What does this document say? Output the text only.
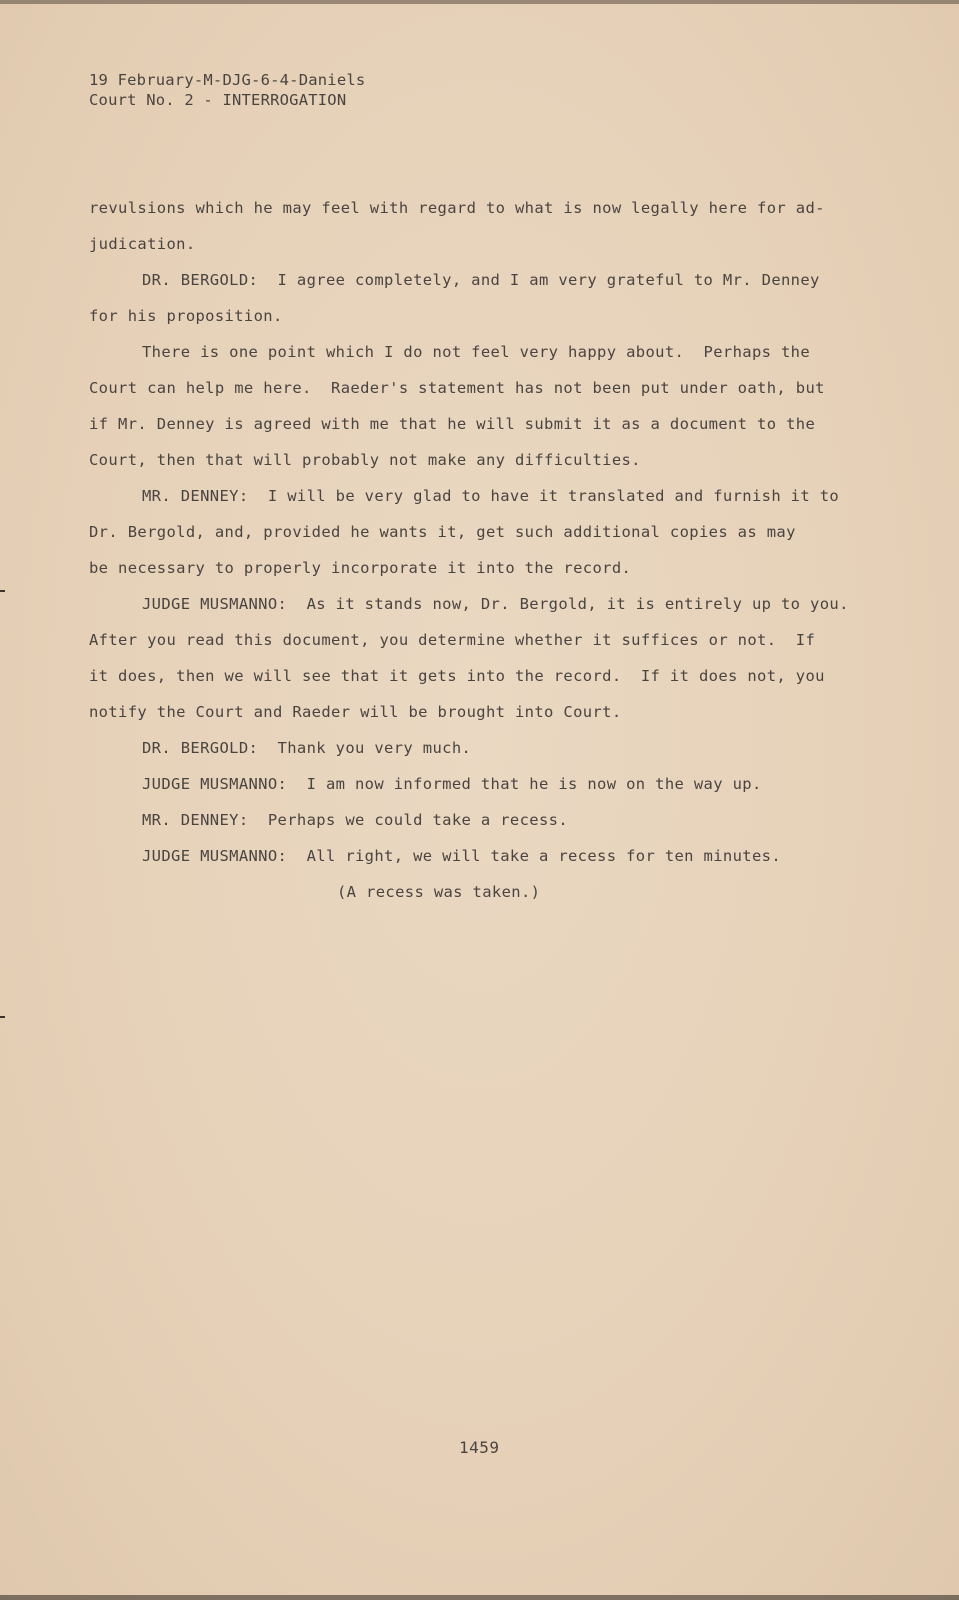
19 February-M-DJG-6-4-Daniels
Court No. 2 - INTERROGATION
revulsions which he may feel with regard to what is now legally here for ad-
judication.
DR. BERGOLD:  I agree completely, and I am very grateful to Mr. Denney
for his proposition.
There is one point which I do not feel very happy about.  Perhaps the
Court can help me here.  Raeder's statement has not been put under oath, but
if Mr. Denney is agreed with me that he will submit it as a document to the
Court, then that will probably not make any difficulties.
MR. DENNEY:  I will be very glad to have it translated and furnish it to
Dr. Bergold, and, provided he wants it, get such additional copies as may
be necessary to properly incorporate it into the record.
JUDGE MUSMANNO:  As it stands now, Dr. Bergold, it is entirely up to you.
After you read this document, you determine whether it suffices or not.  If
it does, then we will see that it gets into the record.  If it does not, you
notify the Court and Raeder will be brought into Court.
DR. BERGOLD:  Thank you very much.
JUDGE MUSMANNO:  I am now informed that he is now on the way up.
MR. DENNEY:  Perhaps we could take a recess.
JUDGE MUSMANNO:  All right, we will take a recess for ten minutes.
(A recess was taken.)
1459
